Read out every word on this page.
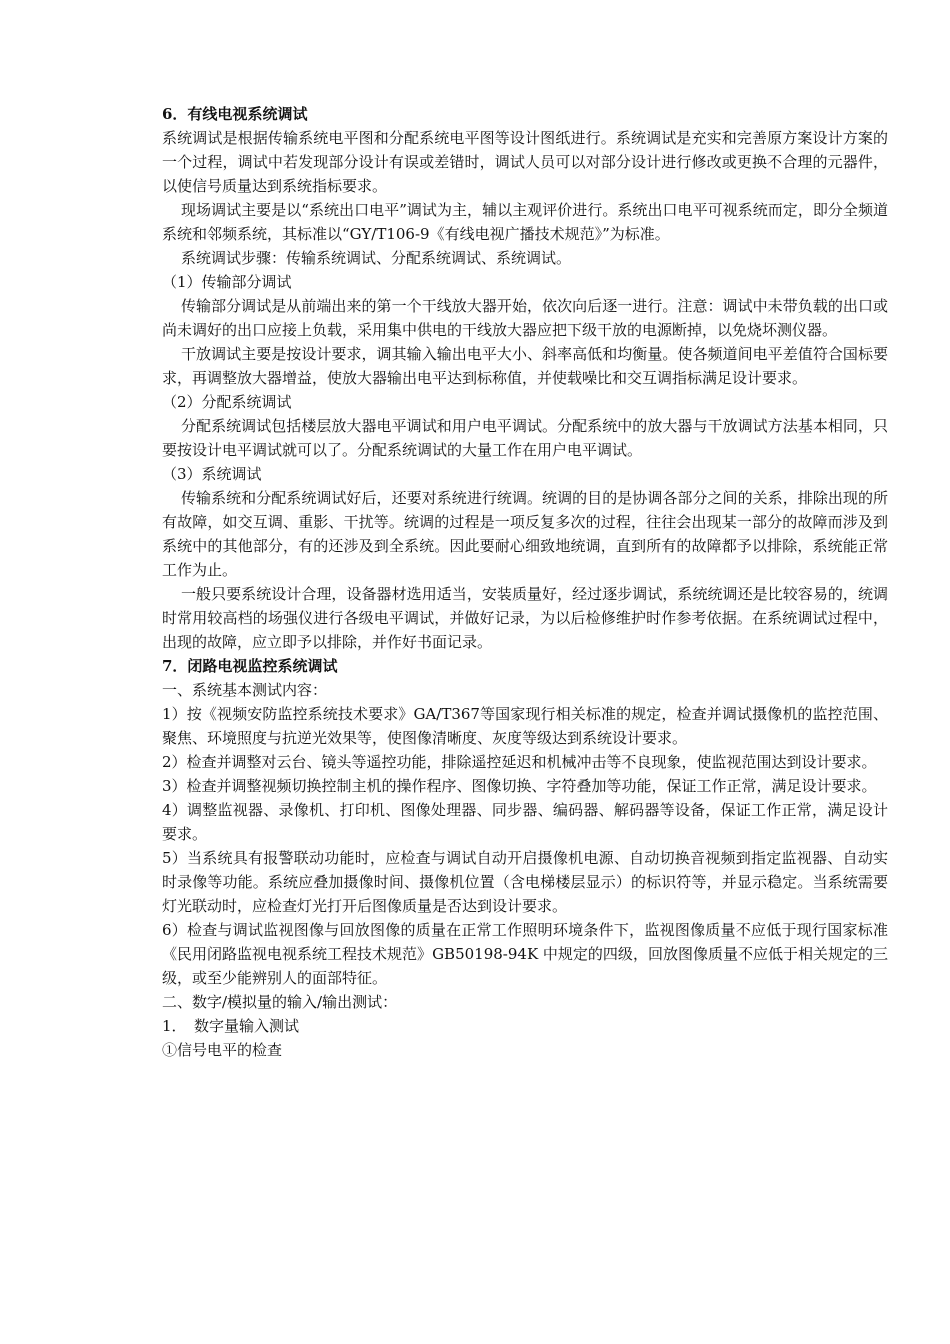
6．有线电视系统调试

系统调试是根据传输系统电平图和分配系统电平图等设计图纸进行。系统调试是充实和完善原方案设计方案的一个过程，调试中若发现部分设计有误或差错时，调试人员可以对部分设计进行修改或更换不合理的元器件，以使信号质量达到系统指标要求。

现场调试主要是以“系统出口电平”调试为主，辅以主观评价进行。系统出口电平可视系统而定，即分全频道系统和邻频系统，其标准以“GY/T106-9《有线电视广播技术规范》”为标准。

系统调试步骤：传输系统调试、分配系统调试、系统调试。

（1）传输部分调试

传输部分调试是从前端出来的第一个干线放大器开始，依次向后逐一进行。注意：调试中未带负载的出口或尚未调好的出口应接上负载，采用集中供电的干线放大器应把下级干放的电源断掉，以免烧坏测仪器。

干放调试主要是按设计要求，调其输入输出电平大小、斜率高低和均衡量。使各频道间电平差值符合国标要求，再调整放大器增益，使放大器输出电平达到标称值，并使载噪比和交互调指标满足设计要求。

（2）分配系统调试

分配系统调试包括楼层放大器电平调试和用户电平调试。分配系统中的放大器与干放调试方法基本相同，只要按设计电平调试就可以了。分配系统调试的大量工作在用户电平调试。

（3）系统调试

传输系统和分配系统调试好后，还要对系统进行统调。统调的目的是协调各部分之间的关系，排除出现的所有故障，如交互调、重影、干扰等。统调的过程是一项反复多次的过程，往往会出现某一部分的故障而涉及到系统中的其他部分，有的还涉及到全系统。因此要耐心细致地统调，直到所有的故障都予以排除，系统能正常工作为止。

一般只要系统设计合理，设备器材选用适当，安装质量好，经过逐步调试，系统统调还是比较容易的，统调时常用较高档的场强仪进行各级电平调试，并做好记录，为以后检修维护时作参考依据。在系统调试过程中，出现的故障，应立即予以排除，并作好书面记录。

7．闭路电视监控系统调试

一、系统基本测试内容：

1）按《视频安防监控系统技术要求》GA/T367等国家现行相关标准的规定，检查并调试摄像机的监控范围、聚焦、环境照度与抗逆光效果等，使图像清晰度、灰度等级达到系统设计要求。

2）检查并调整对云台、镜头等遥控功能，排除遥控延迟和机械冲击等不良现象，使监视范围达到设计要求。

3）检查并调整视频切换控制主机的操作程序、图像切换、字符叠加等功能，保证工作正常，满足设计要求。

4）调整监视器、录像机、打印机、图像处理器、同步器、编码器、解码器等设备，保证工作正常，满足设计要求。

5）当系统具有报警联动功能时，应检查与调试自动开启摄像机电源、自动切换音视频到指定监视器、自动实时录像等功能。系统应叠加摄像时间、摄像机位置（含电梯楼层显示）的标识符等，并显示稳定。当系统需要灯光联动时，应检查灯光打开后图像质量是否达到设计要求。

6）检查与调试监视图像与回放图像的质量在正常工作照明环境条件下，监视图像质量不应低于现行国家标准《民用闭路监视电视系统工程技术规范》GB50198-94K 中规定的四级，回放图像质量不应低于相关规定的三级，或至少能辨别人的面部特征。

二、数字/模拟量的输入/输出测试：

1．　数字量输入测试

①信号电平的检查
